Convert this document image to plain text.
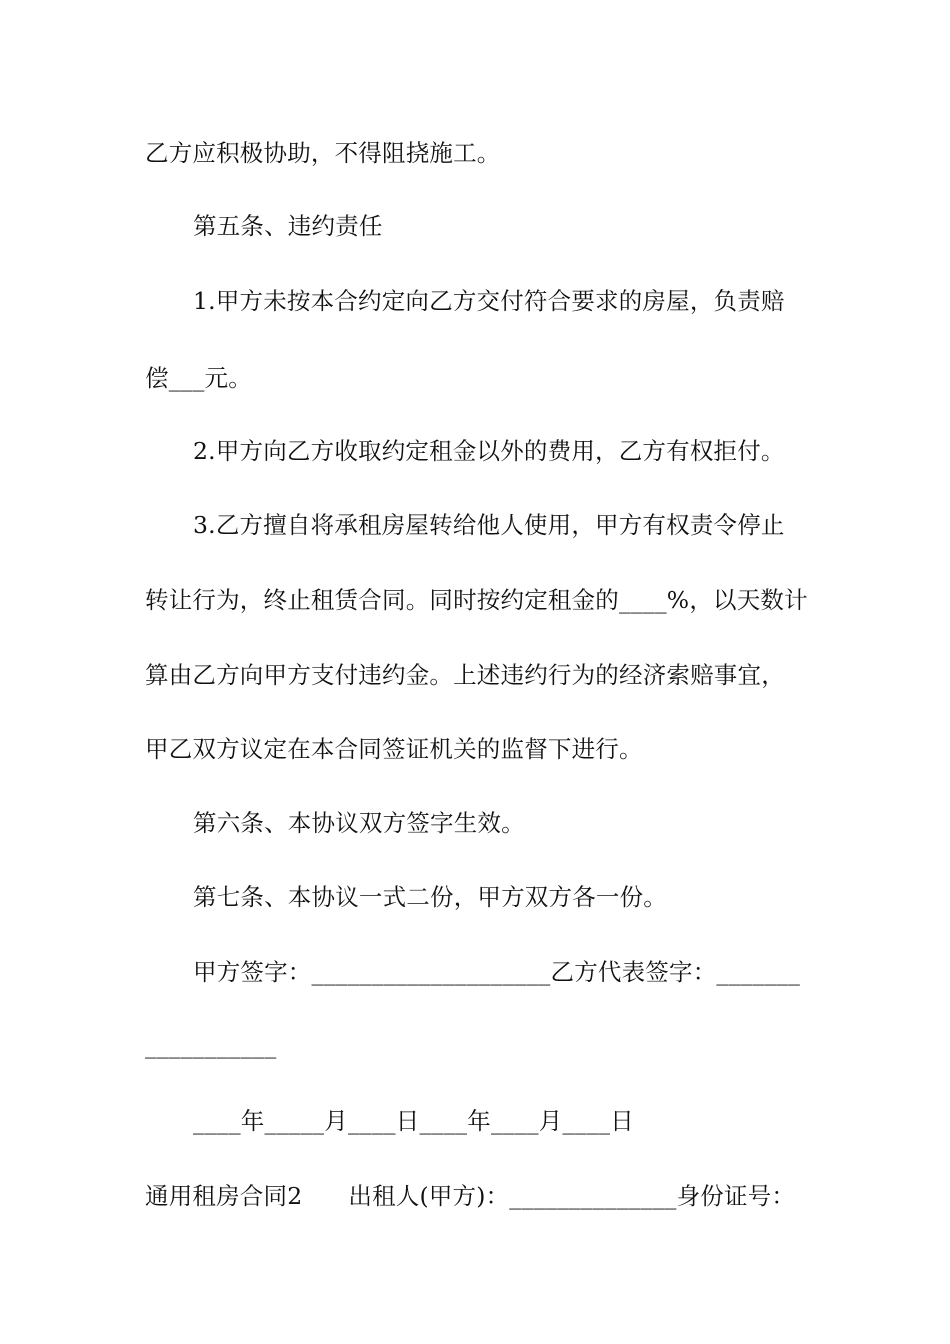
乙方应积极协助，不得阻挠施工。
第五条、违约责任
1.甲方未按本合约定向乙方交付符合要求的房屋，负责赔
偿___元。
2.甲方向乙方收取约定租金以外的费用，乙方有权拒付。
3.乙方擅自将承租房屋转给他人使用，甲方有权责令停止
转让行为，终止租赁合同。同时按约定租金的____%，以天数计
算由乙方向甲方支付违约金。上述违约行为的经济索赔事宜，
甲乙双方议定在本合同签证机关的监督下进行。
第六条、本协议双方签字生效。
第七条、本协议一式二份，甲方双方各一份。
甲方签字：____________________乙方代表签字：_______
___________
____年_____月____日____年____月____日
通用租房合同2      出租人(甲方)：______________身份证号：
